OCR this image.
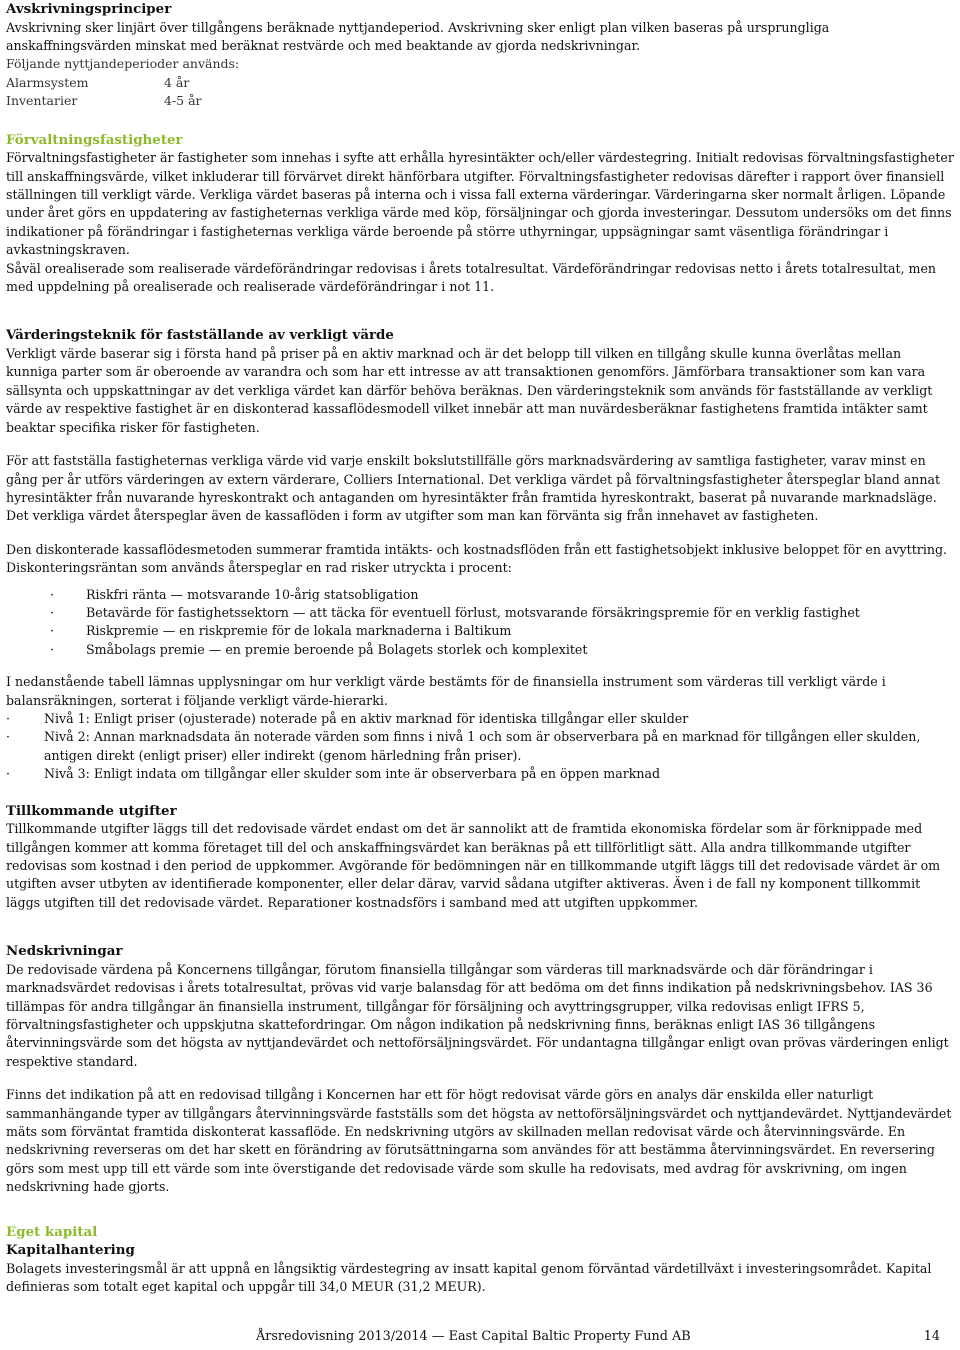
Avskrivningsprinciper

Avskrivning sker linjärt över tillgångens beräknade nyttjandeperiod. Avskrivning sker enligt plan vilken baseras på ursprungliga anskaffningsvärden minskat med beräknat restvärde och med beaktande av gjorda nedskrivningar.

Följande nyttjandeperioder används:

Alarmsystem	4 år
Inventarier	4-5 år
Förvaltningsfastigheter

Förvaltningsfastigheter är fastigheter som innehas i syfte att erhålla hyresintäkter och/eller värdestegring. Initialt redovisas förvaltningsfastigheter till anskaffningsvärde, vilket inkluderar till förvärvet direkt hänförbara utgifter. Förvaltningsfastigheter redovisas därefter i rapport över finansiell ställningen till verkligt värde. Verkliga värdet baseras på interna och i vissa fall externa värderingar. Värderingarna sker normalt årligen. Löpande under året görs en uppdatering av fastigheternas verkliga värde med köp, försäljningar och gjorda investeringar. Dessutom undersöks om det finns indikationer på förändringar i fastigheternas verkliga värde beroende på större uthyrningar, uppsägningar samt väsentliga förändringar i avkastningskraven.

Såväl orealiserade som realiserade värdeförändringar redovisas i årets totalresultat. Värdeförändringar redovisas netto i årets totalresultat, men med uppdelning på orealiserade och realiserade värdeförändringar i not 11.

Värderingsteknik för fastställande av verkligt värde

Verkligt värde baserar sig i första hand på priser på en aktiv marknad och är det belopp till vilken en tillgång skulle kunna överlåtas mellan kunniga parter som är oberoende av varandra och som har ett intresse av att transaktionen genomförs. Jämförbara transaktioner som kan vara sällsynta och uppskattningar av det verkliga värdet kan därför behöva beräknas. Den värderingsteknik som används för fastställande av verkligt värde av respektive fastighet är en diskonterad kassaflödesmodell vilket innebär att man nuvärdesberäknar fastighetens framtida intäkter samt beaktar specifika risker för fastigheten.

För att fastställa fastigheternas verkliga värde vid varje enskilt bokslutstillfälle görs marknadsvärdering av samtliga fastigheter, varav minst en gång per år utförs värderingen av extern värderare, Colliers International. Det verkliga värdet på förvaltningsfastigheter återspeglar bland annat hyresintäkter från nuvarande hyreskontrakt och antaganden om hyresintäkter från framtida hyreskontrakt, baserat på nuvarande marknadsläge. Det verkliga värdet återspeglar även de kassaflöden i form av utgifter som man kan förvänta sig från innehavet av fastigheten.

Den diskonterade kassaflödesmetoden summerar framtida intäkts- och kostnadsflöden från ett fastighetsobjekt inklusive beloppet för en avyttring. Diskonteringsräntan som används återspeglar en rad risker utryckta i procent:

·	Riskfri ränta — motsvarande 10-årig statsobligation
·	Betavärde för fastighetssektorn — att täcka för eventuell förlust, motsvarande försäkringspremie för en verklig fastighet
·	Riskpremie — en riskpremie för de lokala marknaderna i Baltikum
·	Småbolags premie — en premie beroende på Bolagets storlek och komplexitet

I nedanstående tabell lämnas upplysningar om hur verkligt värde bestämts för de finansiella instrument som värderas till verkligt värde i balansräkningen, sorterat i följande verkligt värde-hierarki.

·	Nivå 1: Enligt priser (ojusterade) noterade på en aktiv marknad för identiska tillgångar eller skulder
·	Nivå 2: Annan marknadsdata än noterade värden som finns i nivå 1 och som är observerbara på en marknad för tillgången eller skulden, antigen direkt (enligt priser) eller indirekt (genom härledning från priser).
·	Nivå 3: Enligt indata om tillgångar eller skulder som inte är observerbara på en öppen marknad
Tillkommande utgifter

Tillkommande utgifter läggs till det redovisade värdet endast om det är sannolikt att de framtida ekonomiska fördelar som är förknippade med tillgången kommer att komma företaget till del och anskaffningsvärdet kan beräknas på ett tillförlitligt sätt. Alla andra tillkommande utgifter redovisas som kostnad i den period de uppkommer. Avgörande för bedömningen när en tillkommande utgift läggs till det redovisade värdet är om utgiften avser utbyten av identifierade komponenter, eller delar därav, varvid sådana utgifter aktiveras. Även i de fall ny komponent tillkommit läggs utgiften till det redovisade värdet. Reparationer kostnadsförs i samband med att utgiften uppkommer.

Nedskrivningar

De redovisade värdena på Koncernens tillgångar, förutom finansiella tillgångar som värderas till marknadsvärde och där förändringar i marknadsvärdet redovisas i årets totalresultat, prövas vid varje balansdag för att bedöma om det finns indikation på nedskrivningsbehov. IAS 36 tillämpas för andra tillgångar än finansiella instrument, tillgångar för försäljning och avyttringsgrupper, vilka redovisas enligt IFRS 5, förvaltningsfastigheter och uppskjutna skattefordringar. Om någon indikation på nedskrivning finns, beräknas enligt IAS 36 tillgångens återvinningsvärde som det högsta av nyttjandevärdet och nettoförsäljningsvärdet. För undantagna tillgångar enligt ovan prövas värderingen enligt respektive standard.

Finns det indikation på att en redovisad tillgång i Koncernen har ett för högt redovisat värde görs en analys där enskilda eller naturligt sammanhängande typer av tillgångars återvinningsvärde fastställs som det högsta av nettoförsäljningsvärdet och nyttjandevärdet. Nyttjandevärdet mäts som förväntat framtida diskonterat kassaflöde. En nedskrivning utgörs av skillnaden mellan redovisat värde och återvinningsvärde. En nedskrivning reverseras om det har skett en förändring av förutsättningarna som användes för att bestämma återvinningsvärdet. En reversering görs som mest upp till ett värde som inte överstigande det redovisade värde som skulle ha redovisats, med avdrag för avskrivning, om ingen nedskrivning hade gjorts.

Eget kapital
Kapitalhantering

Bolagets investeringsmål är att uppnå en långsiktig värdestegring av insatt kapital genom förväntad värdetillväxt i investeringsområdet. Kapital definieras som totalt eget kapital och uppgår till 34,0 MEUR (31,2 MEUR).

Årsredovisning 2013/2014 — East Capital Baltic Property Fund AB	14
